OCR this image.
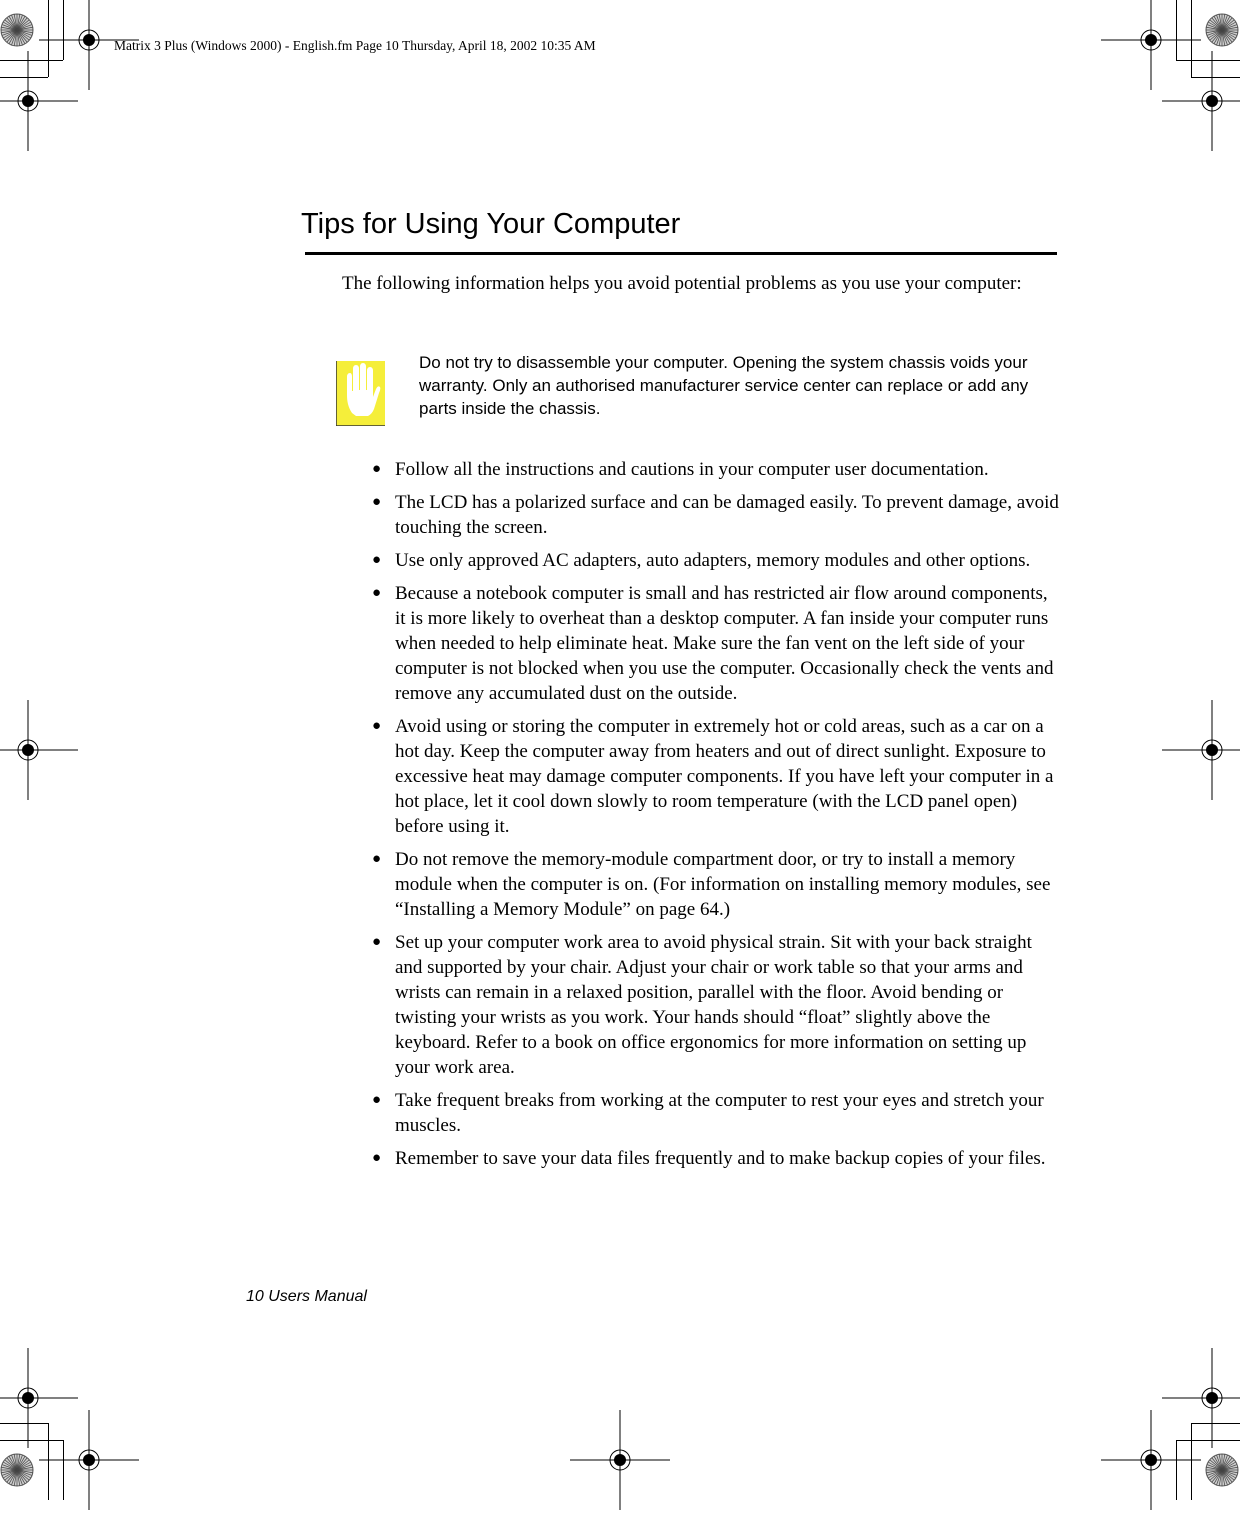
Matrix 3 Plus (Windows 2000) - English.fm Page 10 Thursday, April 18, 2002 10:35 AM
Tips for Using Your Computer
The following information helps you avoid potential problems as you use your computer:
Do not try to disassemble your computer. Opening the system chassis voids your warranty. Only an authorised manufacturer service center can replace or add any parts inside the chassis.
● Follow all the instructions and cautions in your computer user documentation.
● The LCD has a polarized surface and can be damaged easily. To prevent damage, avoid touching the screen.
● Use only approved AC adapters, auto adapters, memory modules and other options.
● Because a notebook computer is small and has restricted air flow around components, it is more likely to overheat than a desktop computer. A fan inside your computer runs when needed to help eliminate heat. Make sure the fan vent on the left side of your computer is not blocked when you use the computer. Occasionally check the vents and remove any accumulated dust on the outside.
● Avoid using or storing the computer in extremely hot or cold areas, such as a car on a hot day. Keep the computer away from heaters and out of direct sunlight. Exposure to excessive heat may damage computer components. If you have left your computer in a hot place, let it cool down slowly to room temperature (with the LCD panel open) before using it.
● Do not remove the memory-module compartment door, or try to install a memory module when the computer is on. (For information on installing memory modules, see “Installing a Memory Module” on page 64.)
● Set up your computer work area to avoid physical strain. Sit with your back straight and supported by your chair. Adjust your chair or work table so that your arms and wrists can remain in a relaxed position, parallel with the floor. Avoid bending or twisting your wrists as you work. Your hands should “float” slightly above the keyboard. Refer to a book on office ergonomics for more information on setting up your work area.
● Take frequent breaks from working at the computer to rest your eyes and stretch your muscles.
● Remember to save your data files frequently and to make backup copies of your files.
10 Users Manual
